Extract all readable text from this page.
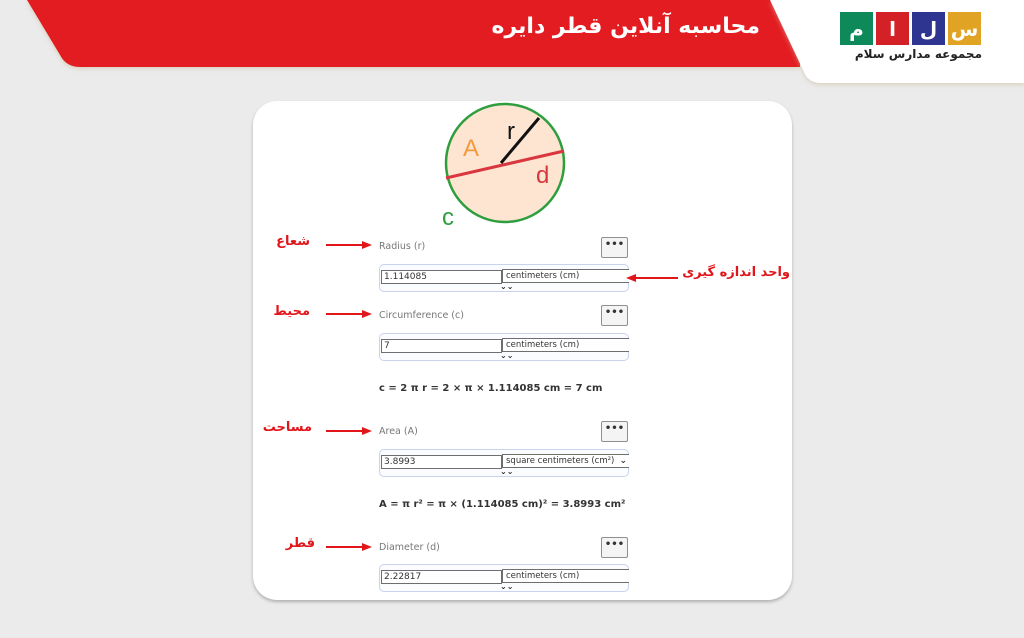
محاسبه آنلاین قطر دایره	م	ا	ل س
مجموعه مدارس سلام
A
r
d
c
Radius (r)	•••
1.114085	centimeters (cm)
⌄⌄
Circumference (c)	•••
7	centimeters (cm)
⌄⌄
c = 2 π r = 2 × π × 1.114085 cm = 7 cm
Area (A)	•••
3.8993	square centimeters (cm²) ⌄
⌄⌄
A = π r² = π × (1.114085 cm)² = 3.8993 cm²
Diameter (d)	•••
2.22817	centimeters (cm)
⌄⌄
شعاع
محیط
مساحت
قطر
واحد اندازه گیری
